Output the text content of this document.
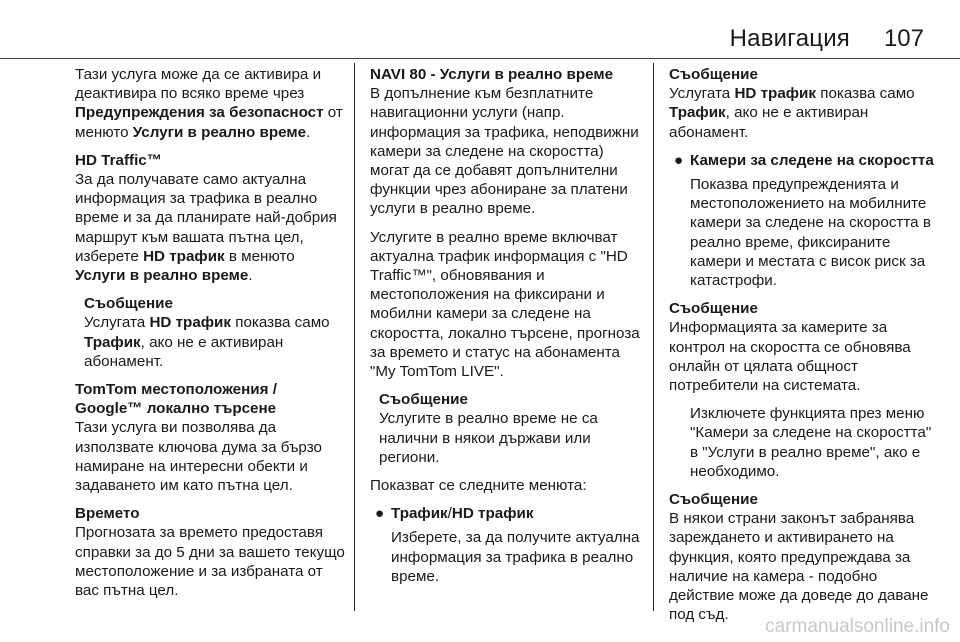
Навигация 107

Тази услуга може да се активира и деактивира по всяко време чрез Предупреждения за безопасност от менюто Услуги в реално време.

HD Traffic™

За да получавате само актуална информация за трафика в реално време и за да планирате най-добрия маршрут към вашата пътна цел, изберете HD трафик в менюто Услуги в реално време.

Съобщение
Услугата HD трафик показва само Трафик, ако не е активиран абонамент.
TomTom местоположения /
Google™ локално търсене

Тази услуга ви позволява да използвате ключова дума за бързо намиране на интересни обекти и задаването им като пътна цел.

Времето

Прогнозата за времето предоставя справки за до 5 дни за вашето текущо местоположение и за избраната от вас пътна цел.

NAVI 80 - Услуги в реално време

В допълнение към безплатните навигационни услуги (напр. информация за трафика, неподвижни камери за следене на скоростта) могат да се добавят допълнителни функции чрез абониране за платени услуги в реално време.

Услугите в реално време включват актуална трафик информация с "HD Traffic™", обновявания и местоположения на фиксирани и мобилни камери за следене на скоростта, локално търсене, прогноза за времето и статус на абонамента "My TomTom LIVE".

Съобщение
Услугите в реално време не са налични в някои държави или региони.

Показват се следните менюта:

● Трафик/HD трафик
Изберете, за да получите актуална информация за трафика в реално време.
Съобщение
Услугата HD трафик показва само Трафик, ако не е активиран абонамент.
● Камери за следене на скоростта
Показва предупрежденията и местоположението на мобилните камери за следене на скоростта в реално време, фиксираните камери и местата с висок риск за катастрофи.
Съобщение
Информацията за камерите за контрол на скоростта се обновява онлайн от цялата общност потребители на системата.

Изключете функцията през меню "Камери за следене на скоростта" в "Услуги в реално време", ако е необходимо.

Съобщение
В някои страни законът забранява зареждането и активирането на функция, която предупреждава за наличие на камера - подобно действие може да доведе до даване под съд.
carmanualsonline.info
